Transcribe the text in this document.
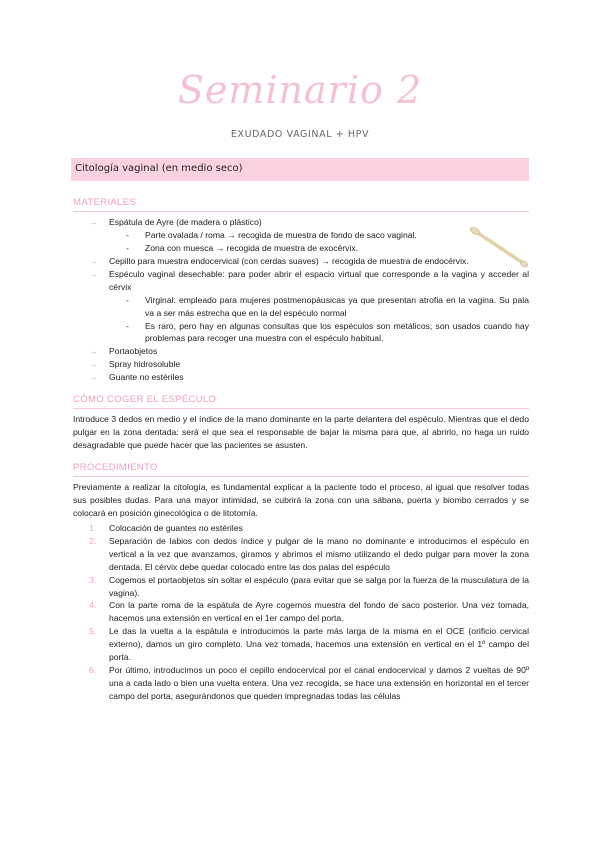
Seminario 2
EXUDADO VAGINAL + HPV
Citología vaginal (en medio seco)
MATERIALES
→ Espátula de Ayre (de madera o plástico)
- Parte ovalada / roma → recogida de muestra de fondo de saco vaginal.
- Zona con muesca → recogida de muestra de exocérvix.
→ Cepillo para muestra endocervical (con cerdas suaves) → recogida de muestra de endocérvix.
→ Espéculo vaginal desechable: para poder abrir el espacio virtual que corresponde a la vagina y acceder al cérvix
- Virginal: empleado para mujeres postmenopáusicas ya que presentan atrofia en la vagina. Su pala va a ser más estrecha que en la del espéculo normal
- Es raro, pero hay en algunas consultas que los espéculos son metálicos, son usados cuando hay problemas para recoger una muestra con el espéculo habitual.
→ Portaobjetos
→ Spray hidrosoluble
→ Guante no estériles
CÓMO COGER EL ESPÉCULO

Introduce 3 dedos en medio y el índice de la mano dominante en la parte delantera del espéculo. Mientras que el dedo pulgar en la zona dentada: será el que sea el responsable de bajar la misma para que, al abrirlo, no haga un ruido desagradable que puede hacer que las pacientes se asusten.

PROCEDIMIENTO

Previamente a realizar la citología, es fundamental explicar a la paciente todo el proceso, al igual que resolver todas sus posibles dudas. Para una mayor intimidad, se cubrirá la zona con una sábana, puerta y biombo cerrados y se colocará en posición ginecológica o de litotomía.

1. Colocación de guantes no estériles
2. Separación de labios con dedos índice y pulgar de la mano no dominante e introducimos el espéculo en vertical a la vez que avanzamos, giramos y abrimos el mismo utilizando el dedo pulgar para mover la zona dentada. El cérvix debe quedar colocado entre las dos palas del espéculo
3. Cogemos el portaobjetos sin soltar el espéculo (para evitar que se salga por la fuerza de la musculatura de la vagina).
4. Con la parte roma de la espátula de Ayre cogemos muestra del fondo de saco posterior. Una vez tomada, hacemos una extensión en vertical en el 1er campo del porta.
5. Le das la vuelta a la espátula e introducimos la parte más larga de la misma en el OCE (orificio cervical externo), damos un giro completo. Una vez tomada, hacemos una extensión en vertical en el 1º campo del porta.
6. Por último, introducimos un poco el cepillo endocervical por el canal endocervical y damos 2 vueltas de 90º una a cada lado o bien una vuelta entera. Una vez recogida, se hace una extensión en horizontal en el tercer campo del porta, asegurándonos que queden impregnadas todas las células
